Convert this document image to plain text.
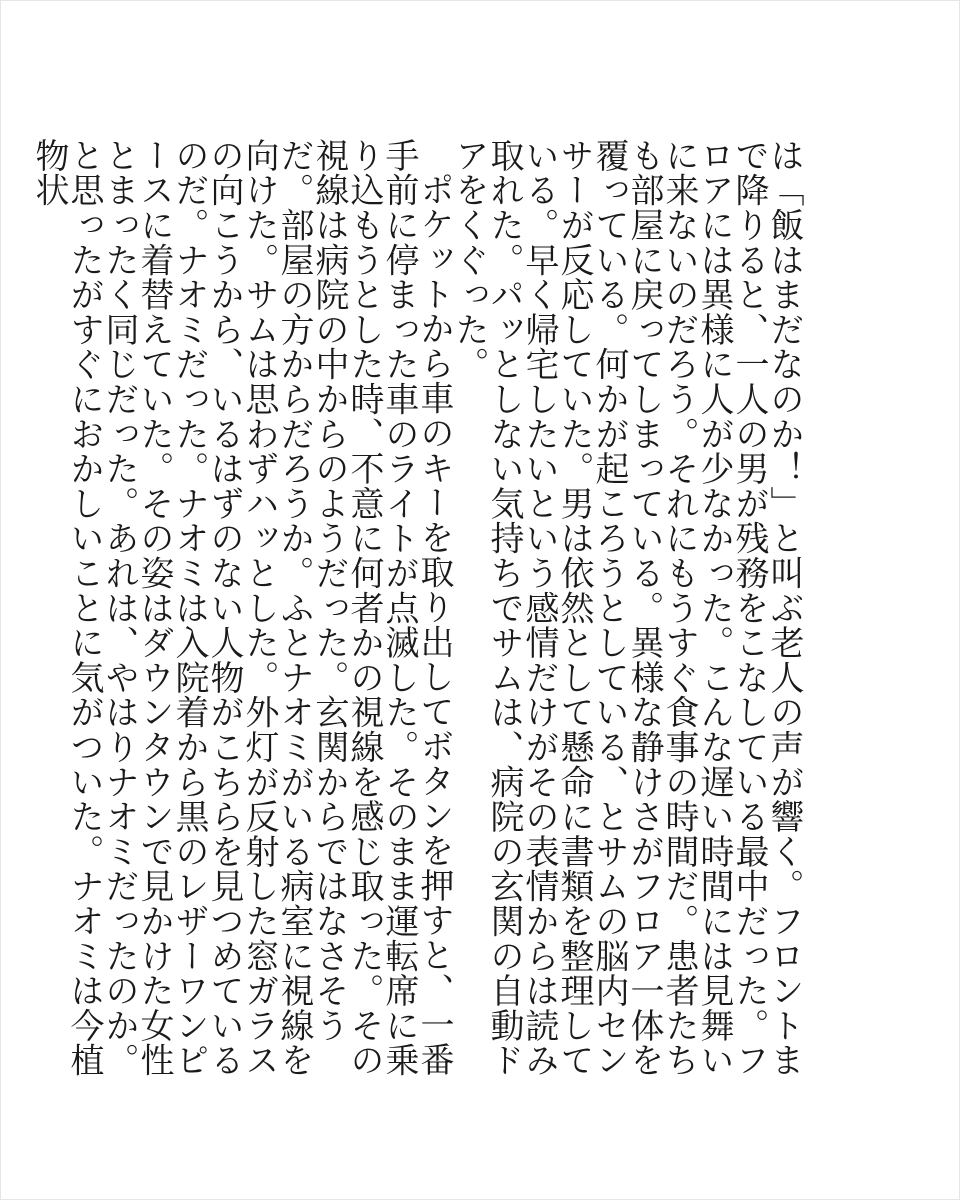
は「飯はまだなのか！」と叫ぶ老人の声が響く。フロントまで降りると、一人の男が残務をこなしている最中だった。フロアには異様に人が少なかった。こんな遅い時間には見舞いに来ないのだろう。それにもうすぐ食事の時間だ。患者たちも部屋に戻ってしまっている。異様な静けさがフロア一体を覆っている。何かが起ころうとしている、とサムの脳内センサーが反応していた。男は依然として懸命に書類を整理している。早く帰宅したいという感情だけがその表情からは読み取れた。パッとしない気持ちでサムは、病院の玄関の自動ドアをくぐった。

ポケットから車のキーを取り出してボタンを押すと、一番手前に停まった車のライトが点滅した。そのまま運転席に乗り込もうとした時、不意に何者かの視線を感じ取った。その視線は病院の中からのようだった。玄関からではなさそうだ。部屋の方からだろうか。ふとナオミがいる病室に視線を向けた。サムは思わずハッとした。外灯が反射した窓ガラスの向こうから、いるはずのない人物がこちらを見つめているのだ。ナオミだった。ナオミは入院着から黒のレザーワンピースに着替えていた。その姿はダウンタウンで見かけた女性とまったく同じだった。あれは、やはりナオミだったのか。と思ったがすぐにおかしいことに気がついた。ナオミは今植物状
